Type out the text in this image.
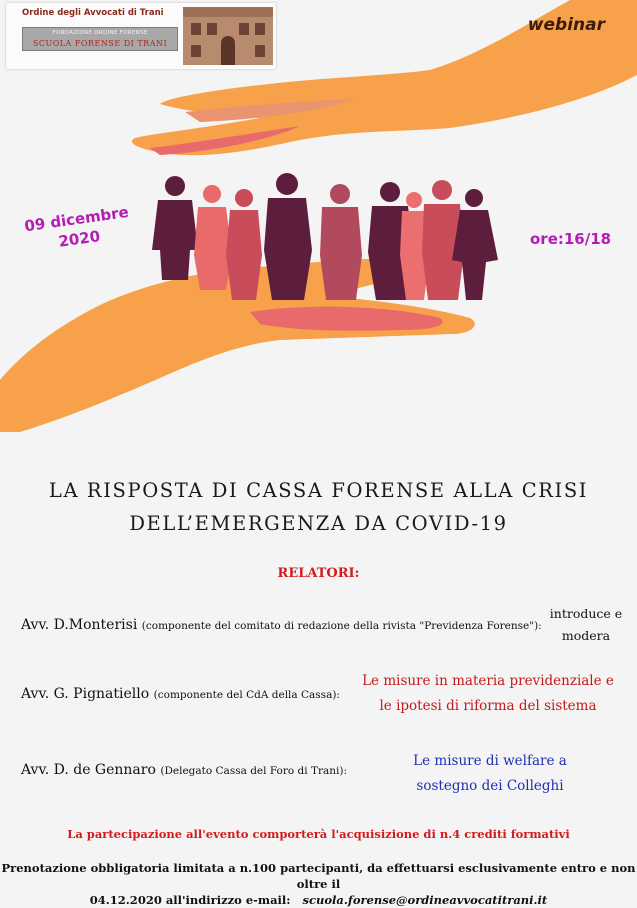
Ordine degli Avvocati di Trani
FONDAZIONE ORDINE FORENSE
SCUOLA FORENSE DI TRANI
webinar
09 dicembre 2020	ore:16/18
LA RISPOSTA DI CASSA FORENSE ALLA CRISI
DELL’EMERGENZA DA COVID-19
RELATORI:
Avv. D.Monterisi (componente del comitato di redazione della rivista "Previdenza Forense"):
introduce e
modera
Avv. G. Pignatiello (componente del CdA della Cassa):
Le misure in materia previdenziale e
le ipotesi di riforma del sistema
Avv. D. de Gennaro (Delegato Cassa del Foro di Trani):
Le misure di welfare a
sostegno dei Colleghi
La partecipazione all'evento comporterà l'acquisizione di n.4 crediti formativi
Prenotazione obbligatoria limitata a n.100 partecipanti, da effettuarsi esclusivamente entro e non oltre il
04.12.2020 all'indirizzo e-mail: scuola.forense@ordineavvocatitrani.it
